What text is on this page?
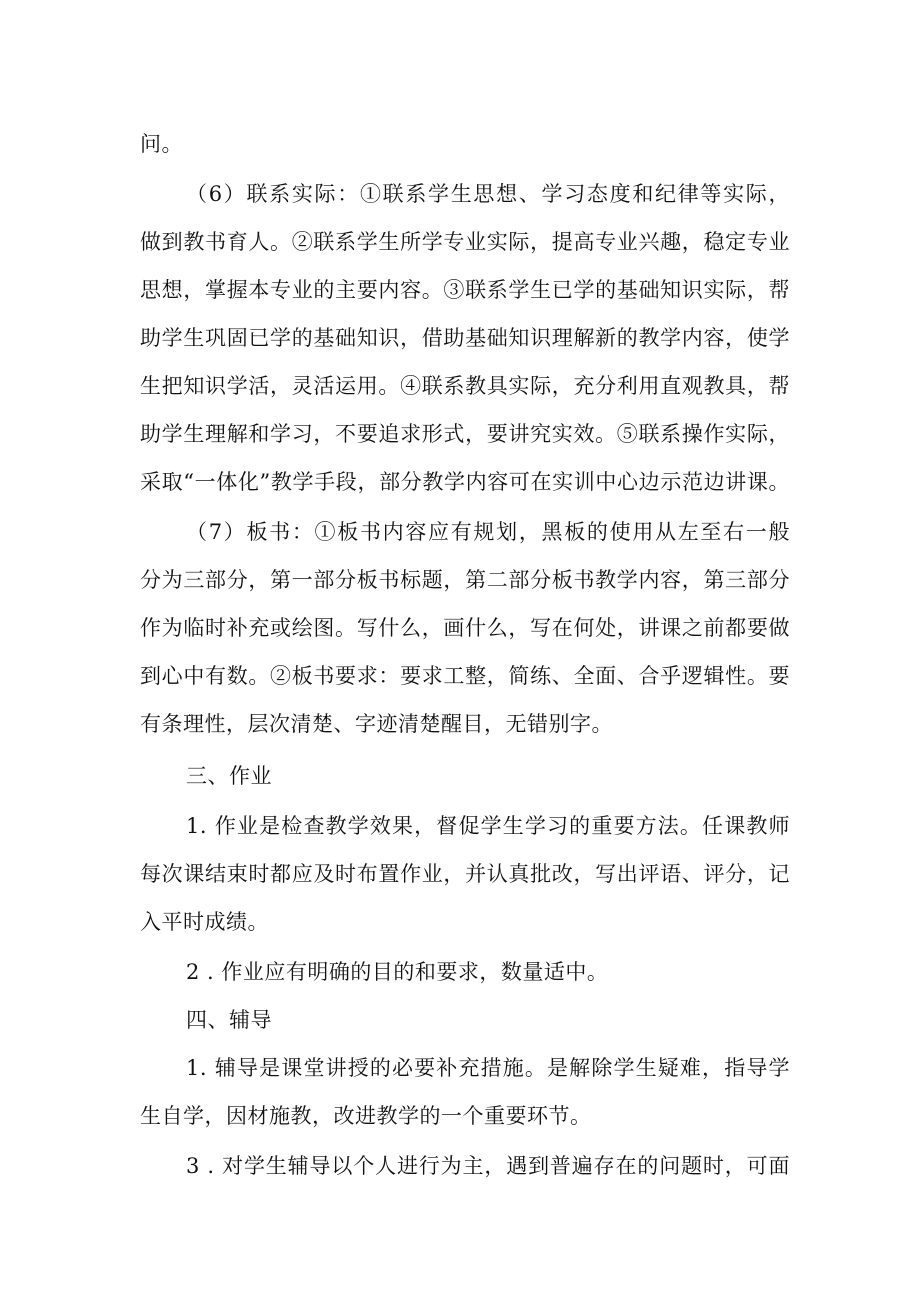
问。
（6）联系实际：①联系学生思想、学习态度和纪律等实际，
做到教书育人。②联系学生所学专业实际，提高专业兴趣，稳定专业
思想，掌握本专业的主要内容。③联系学生已学的基础知识实际，帮
助学生巩固已学的基础知识，借助基础知识理解新的教学内容，使学
生把知识学活，灵活运用。④联系教具实际，充分利用直观教具，帮
助学生理解和学习，不要追求形式，要讲究实效。⑤联系操作实际，
采取“一体化”教学手段，部分教学内容可在实训中心边示范边讲课。
（7）板书：①板书内容应有规划，黑板的使用从左至右一般
分为三部分，第一部分板书标题，第二部分板书教学内容，第三部分
作为临时补充或绘图。写什么，画什么，写在何处，讲课之前都要做
到心中有数。②板书要求：要求工整，简练、全面、合乎逻辑性。要
有条理性，层次清楚、字迹清楚醒目，无错别字。
三、作业
1. 作业是检查教学效果，督促学生学习的重要方法。任课教师
每次课结束时都应及时布置作业，并认真批改，写出评语、评分，记
入平时成绩。
2 . 作业应有明确的目的和要求，数量适中。
四、辅导
1. 辅导是课堂讲授的必要补充措施。是解除学生疑难，指导学
生自学，因材施教，改进教学的一个重要环节。
3 . 对学生辅导以个人进行为主，遇到普遍存在的问题时，可面
